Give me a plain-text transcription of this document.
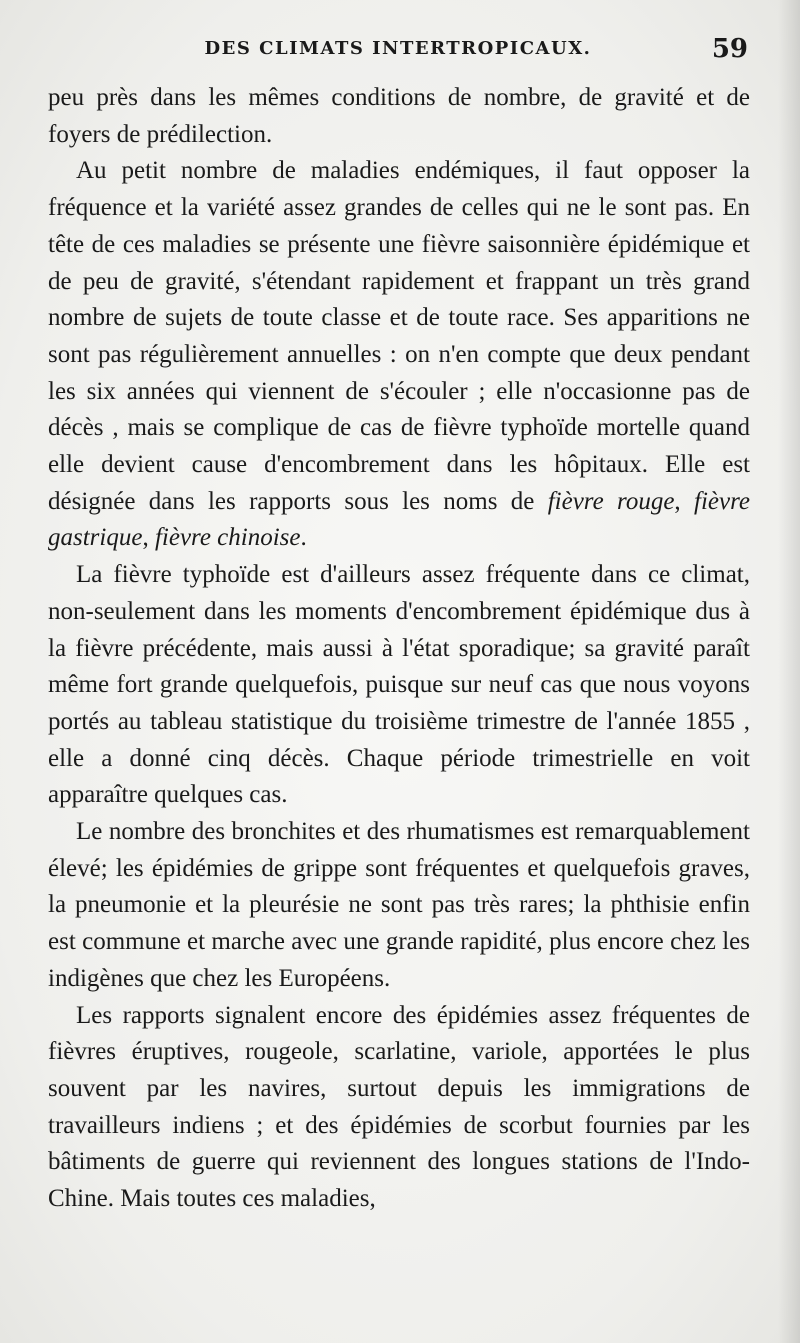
DES CLIMATS INTERTROPICAUX.	59

peu près dans les mêmes conditions de nombre, de gravité et de foyers de prédilection.

Au petit nombre de maladies endémiques, il faut opposer la fréquence et la variété assez grandes de celles qui ne le sont pas. En tête de ces maladies se présente une fièvre saisonnière épidémique et de peu de gravité, s'étendant rapidement et frappant un très grand nombre de sujets de toute classe et de toute race. Ses apparitions ne sont pas régulièrement annuelles : on n'en compte que deux pendant les six années qui viennent de s'écouler ; elle n'occasionne pas de décès , mais se complique de cas de fièvre typhoïde mortelle quand elle devient cause d'encombrement dans les hôpitaux. Elle est désignée dans les rapports sous les noms de fièvre rouge, fièvre gastrique, fièvre chinoise.

La fièvre typhoïde est d'ailleurs assez fréquente dans ce climat, non-seulement dans les moments d'encombrement épidémique dus à la fièvre précédente, mais aussi à l'état sporadique; sa gravité paraît même fort grande quelquefois, puisque sur neuf cas que nous voyons portés au tableau statistique du troisième trimestre de l'année 1855 , elle a donné cinq décès. Chaque période trimestrielle en voit apparaître quelques cas.

Le nombre des bronchites et des rhumatismes est remarquablement élevé; les épidémies de grippe sont fréquentes et quelquefois graves, la pneumonie et la pleurésie ne sont pas très rares; la phthisie enfin est commune et marche avec une grande rapidité, plus encore chez les indigènes que chez les Européens.

Les rapports signalent encore des épidémies assez fréquentes de fièvres éruptives, rougeole, scarlatine, variole, apportées le plus souvent par les navires, surtout depuis les immigrations de travailleurs indiens ; et des épidémies de scorbut fournies par les bâtiments de guerre qui reviennent des longues stations de l'Indo-Chine. Mais toutes ces maladies,
